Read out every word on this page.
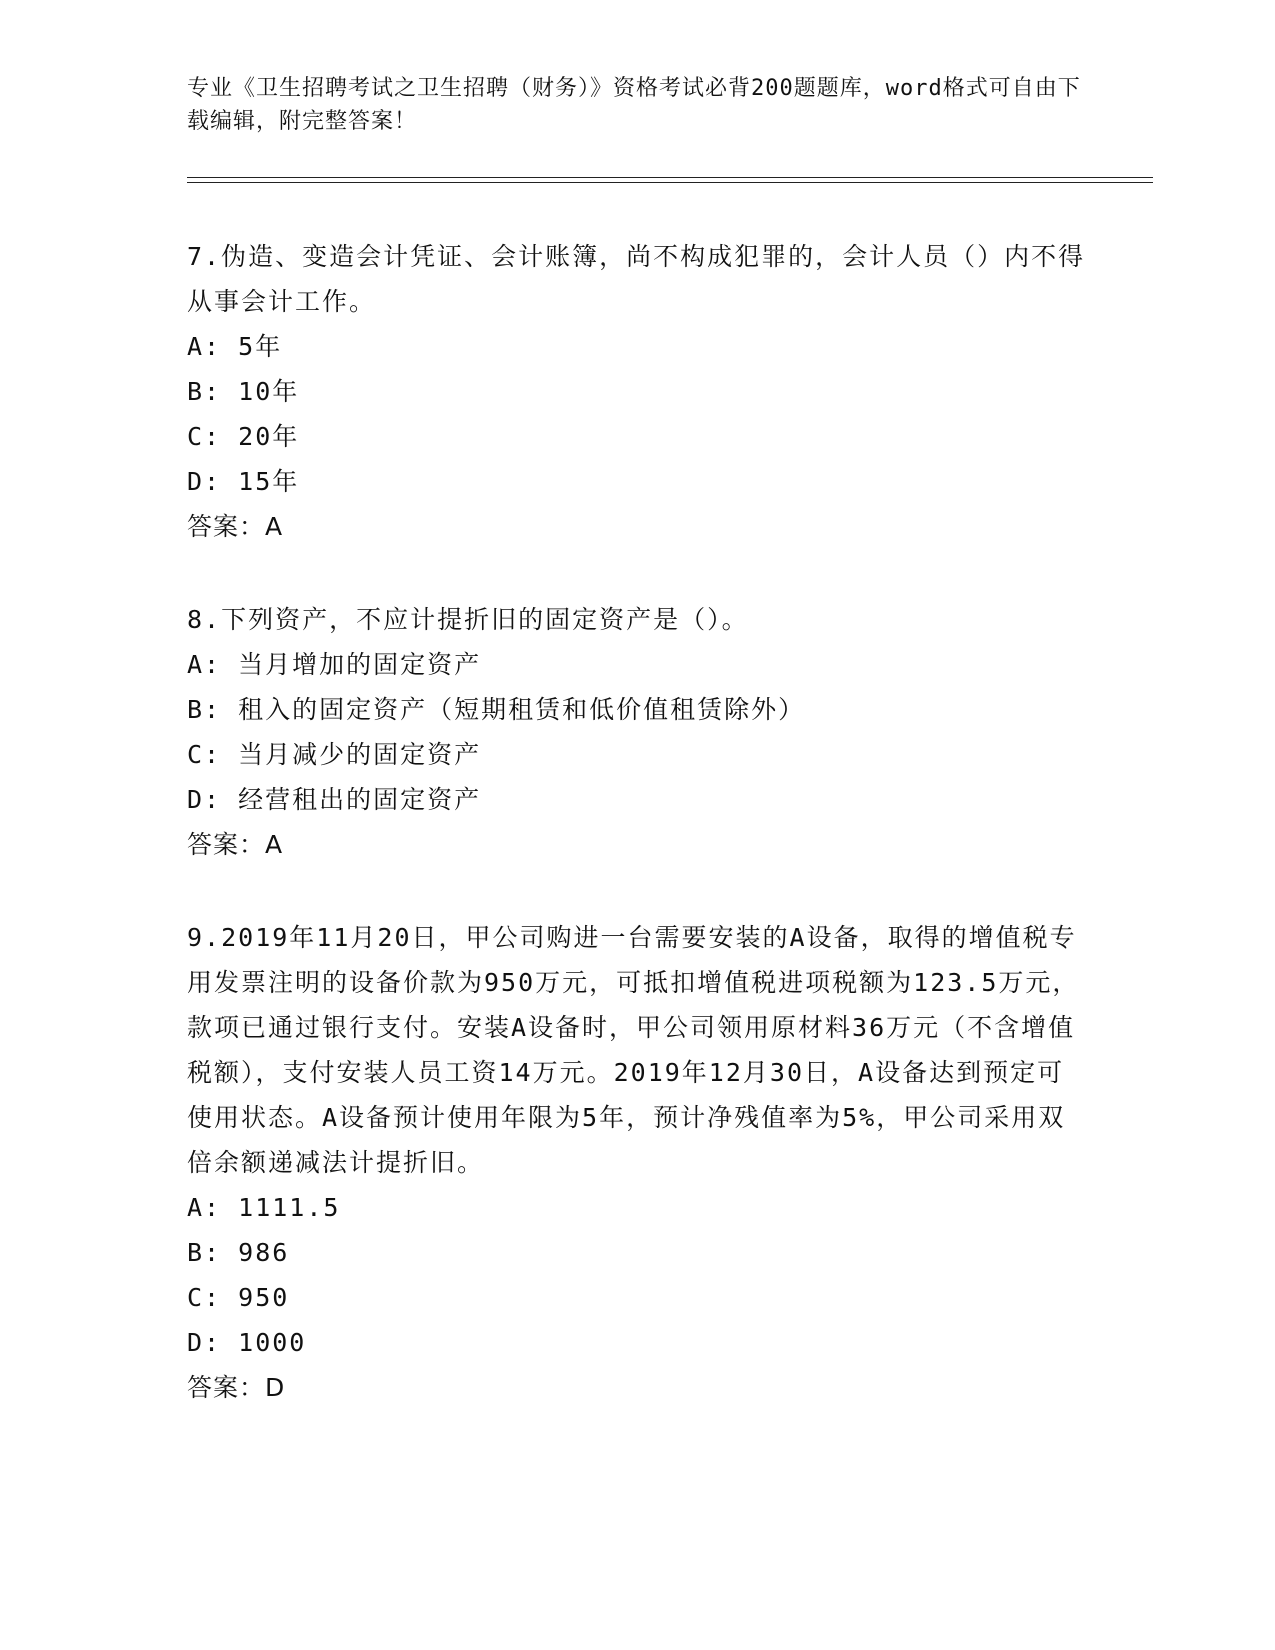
专业《卫生招聘考试之卫生招聘（财务）》资格考试必背200题题库，word格式可自由下载编辑，附完整答案！

7.伪造、变造会计凭证、会计账簿，尚不构成犯罪的，会计人员（）内不得从事会计工作。

A: 5年

B: 10年

C: 20年

D: 15年

答案：A

8.下列资产，不应计提折旧的固定资产是（）。

A: 当月增加的固定资产

B: 租入的固定资产（短期租赁和低价值租赁除外）

C: 当月减少的固定资产

D: 经营租出的固定资产

答案：A

9.2019年11月20日，甲公司购进一台需要安装的A设备，取得的增值税专用发票注明的设备价款为950万元，可抵扣增值税进项税额为123.5万元，款项已通过银行支付。安装A设备时，甲公司领用原材料36万元（不含增值税额），支付安装人员工资14万元。2019年12月30日，A设备达到预定可使用状态。A设备预计使用年限为5年，预计净残值率为5%，甲公司采用双倍余额递减法计提折旧。

A: 1111.5

B: 986

C: 950

D: 1000

答案：D
